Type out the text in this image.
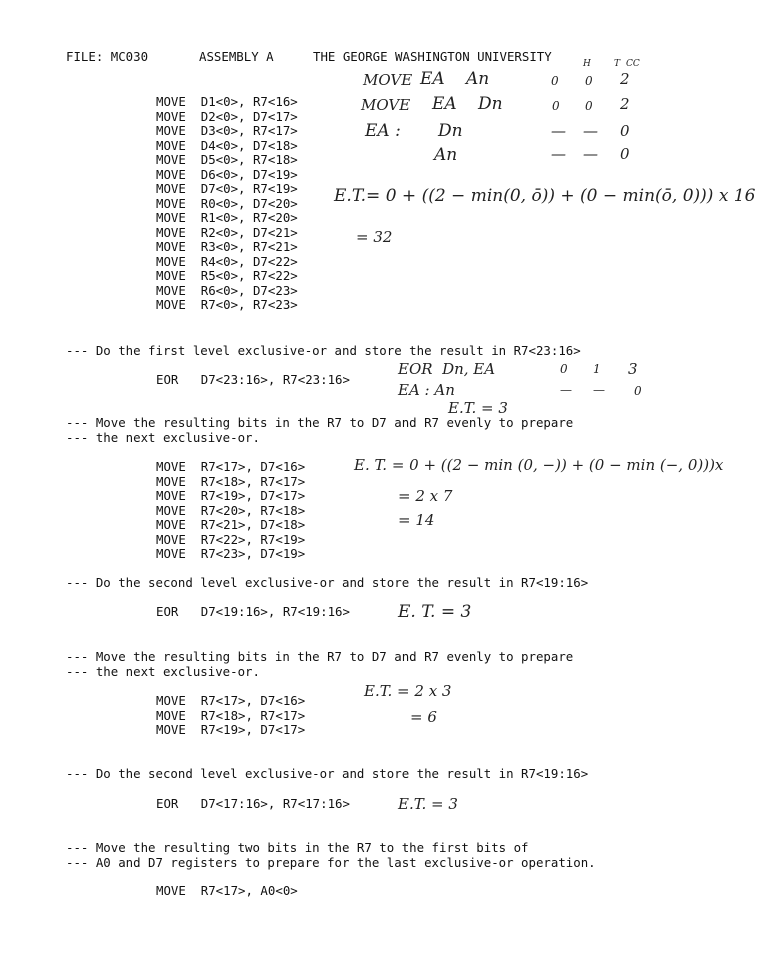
FILE: MC030	ASSEMBLY A	THE GEORGE WASHINGTON UNIVERSITY
MOVE  D1<0>, R7<16>
MOVE  D2<0>, D7<17>
MOVE  D3<0>, R7<17>
MOVE  D4<0>, D7<18>
MOVE  D5<0>, R7<18>
MOVE  D6<0>, D7<19>
MOVE  D7<0>, R7<19>
MOVE  R0<0>, D7<20>
MOVE  R1<0>, R7<20>
MOVE  R2<0>, D7<21>
MOVE  R3<0>, R7<21>
MOVE  R4<0>, D7<22>
MOVE  R5<0>, R7<22>
MOVE  R6<0>, D7<23>
MOVE  R7<0>, R7<23>
H	T CC
MOVE EA An	0 0 2
MOVE EA Dn	0 0 2
EA : Dn	— — 0
An	— — 0
E.T.= 0 + ((2 − min(0, ō)) + (0 − min(ō, 0))) x 16
= 32
--- Do the first level exclusive-or and store the result in R7<23:16>
EOR   D7<23:16>, R7<23:16>
EOR  Dn, EA	0 1 3
EA : An	— — 0
E.T. = 3
--- Move the resulting bits in the R7 to D7 and R7 evenly to prepare
--- the next exclusive-or.
MOVE  R7<17>, D7<16>
MOVE  R7<18>, R7<17>
MOVE  R7<19>, D7<17>
MOVE  R7<20>, R7<18>
MOVE  R7<21>, D7<18>
MOVE  R7<22>, R7<19>
MOVE  R7<23>, D7<19>
E. T. = 0 + ((2 − min (0, −)) + (0 − min (−, 0)))x
= 2 x 7
= 14
--- Do the second level exclusive-or and store the result in R7<19:16>
EOR   D7<19:16>, R7<19:16>	E. T. = 3
--- Move the resulting bits in the R7 to D7 and R7 evenly to prepare
--- the next exclusive-or.
MOVE  R7<17>, D7<16>
MOVE  R7<18>, R7<17>
MOVE  R7<19>, D7<17>
E.T. = 2 x 3
= 6
--- Do the second level exclusive-or and store the result in R7<19:16>
EOR   D7<17:16>, R7<17:16>	E.T. = 3
--- Move the resulting two bits in the R7 to the first bits of
--- A0 and D7 registers to prepare for the last exclusive-or operation.
MOVE  R7<17>, A0<0>
